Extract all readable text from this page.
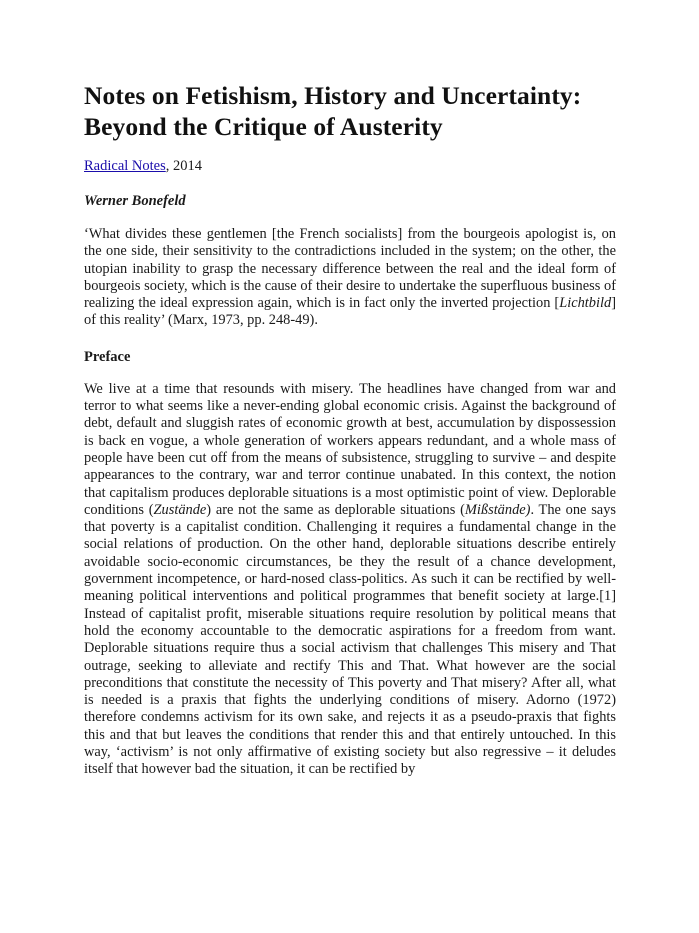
Notes on Fetishism, History and Uncertainty: Beyond the Critique of Austerity
Radical Notes, 2014
Werner Bonefeld

‘What divides these gentlemen [the French socialists] from the bourgeois apologist is, on the one side, their sensitivity to the contradictions included in the system; on the other, the utopian inability to grasp the necessary difference between the real and the ideal form of bourgeois society, which is the cause of their desire to undertake the superfluous business of realizing the ideal expression again, which is in fact only the inverted projection [Lichtbild] of this reality’ (Marx, 1973, pp. 248-49).

Preface

We live at a time that resounds with misery. The headlines have changed from war and terror to what seems like a never-ending global economic crisis. Against the background of debt, default and sluggish rates of economic growth at best, accumulation by dispossession is back en vogue, a whole generation of workers appears redundant, and a whole mass of people have been cut off from the means of subsistence, struggling to survive – and despite appearances to the contrary, war and terror continue unabated. In this context, the notion that capitalism produces deplorable situations is a most optimistic point of view. Deplorable conditions (Zustände) are not the same as deplorable situations (Mißstände). The one says that poverty is a capitalist condition. Challenging it requires a fundamental change in the social relations of production. On the other hand, deplorable situations describe entirely avoidable socio-economic circumstances, be they the result of a chance development, government incompetence, or hard-nosed class-politics. As such it can be rectified by well-meaning political interventions and political programmes that benefit society at large.[1] Instead of capitalist profit, miserable situations require resolution by political means that hold the economy accountable to the democratic aspirations for a freedom from want. Deplorable situations require thus a social activism that challenges This misery and That outrage, seeking to alleviate and rectify This and That. What however are the social preconditions that constitute the necessity of This poverty and That misery? After all, what is needed is a praxis that fights the underlying conditions of misery. Adorno (1972) therefore condemns activism for its own sake, and rejects it as a pseudo-praxis that fights this and that but leaves the conditions that render this and that entirely untouched. In this way, ‘activism’ is not only affirmative of existing society but also regressive – it deludes itself that however bad the situation, it can be rectified by
